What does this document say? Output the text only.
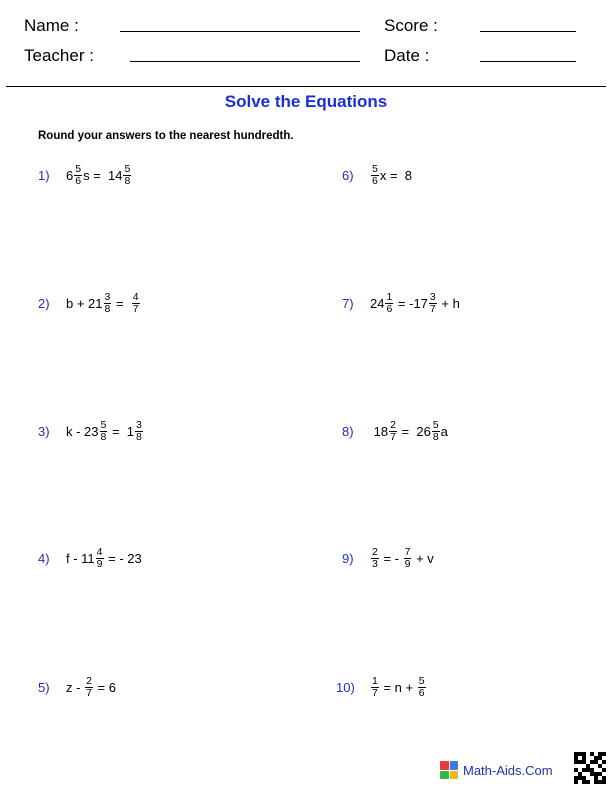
Name :	Score :
Teacher :	Date :
Solve the Equations
Round your answers to the nearest hundredth.
1)	$6 \frac{5}{6}$ $s = 14 \frac{5}{8}$
2)	$b + 21 \frac{3}{8} = \frac{4}{7}$
3)	$k - 23 \frac{5}{8} = 1 \frac{3}{8}$
4)	f - $11 \frac{4}{9}$ = - 23
5)	$z - \frac{2}{7} = 6$
6)	$\frac{5}{6}$ x =  8
7)	$24 \frac{1}{6} = -17 \frac{3}{7} + h$
8)	$18 \frac{2}{7} = 26 \frac{5}{8}$ a
9)	$\frac{2}{3}$ = - $\frac{7}{9} + v$
10)	$\frac{1}{7} = n + \frac{5}{6}$
Math-Aids.Com
